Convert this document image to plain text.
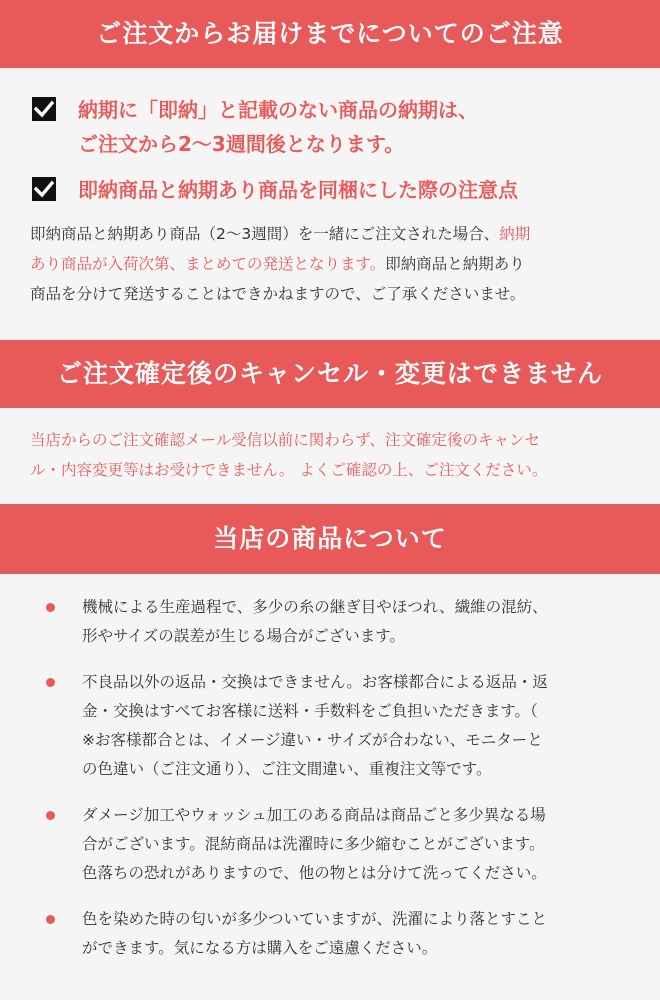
ご注文からお届けまでについてのご注意
納期に「即納」と記載のない商品の納期は、
ご注文から2〜3週間後となります。
即納商品と納期あり商品を同梱にした際の注意点
即納商品と納期あり商品（2〜3週間）を一緒にご注文された場合、納期
あり商品が入荷次第、まとめての発送となります。即納商品と納期あり
商品を分けて発送することはできかねますので、ご了承くださいませ。
ご注文確定後のキャンセル・変更はできません
当店からのご注文確認メール受信以前に関わらず、注文確定後のキャンセ
ル・内容変更等はお受けできません。 よくご確認の上、ご注文ください。
当店の商品について
機械による生産過程で、多少の糸の継ぎ目やほつれ、繊維の混紡、
形やサイズの誤差が生じる場合がございます。
不良品以外の返品・交換はできません。お客様都合による返品・返
金・交換はすべてお客様に送料・手数料をご負担いただきます。（
※お客様都合とは、イメージ違い・サイズが合わない、モニターと
の色違い（ご注文通り）、ご注文間違い、重複注文等です。
ダメージ加工やウォッシュ加工のある商品は商品ごと多少異なる場
合がございます。混紡商品は洗濯時に多少縮むことがございます。
色落ちの恐れがありますので、他の物とは分けて洗ってください。
色を染めた時の匂いが多少ついていますが、洗濯により落とすこと
ができます。気になる方は購入をご遠慮ください。
